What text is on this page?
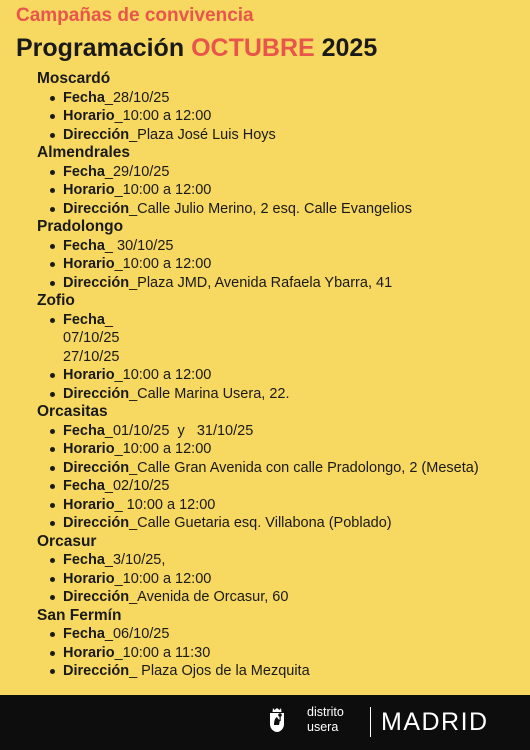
Campañas de convivencia
Programación OCTUBRE 2025
Moscardó
Fecha_28/10/25
Horario_10:00 a 12:00
Dirección_Plaza José Luis Hoys
Almendrales
Fecha_29/10/25
Horario_10:00 a 12:00
Dirección_Calle Julio Merino, 2 esq. Calle Evangelios
Pradolongo
Fecha_ 30/10/25
Horario_10:00 a 12:00
Dirección_Plaza JMD, Avenida Rafaela Ybarra, 41
Zofio
Fecha_
07/10/25
27/10/25
Horario_10:00 a 12:00
Dirección_Calle Marina Usera, 22.
Orcasitas
Fecha_01/10/25  y   31/10/25
Horario_10:00 a 12:00
Dirección_Calle Gran Avenida con calle Pradolongo, 2 (Meseta)
Fecha_02/10/25
Horario_ 10:00 a 12:00
Dirección_Calle Guetaria esq. Villabona (Poblado)
Orcasur
Fecha_3/10/25,
Horario_10:00 a 12:00
Dirección_Avenida de Orcasur, 60
San Fermín
Fecha_06/10/25
Horario_10:00 a 11:30
Dirección_ Plaza Ojos de la Mezquita
distrito
usera MADRID
